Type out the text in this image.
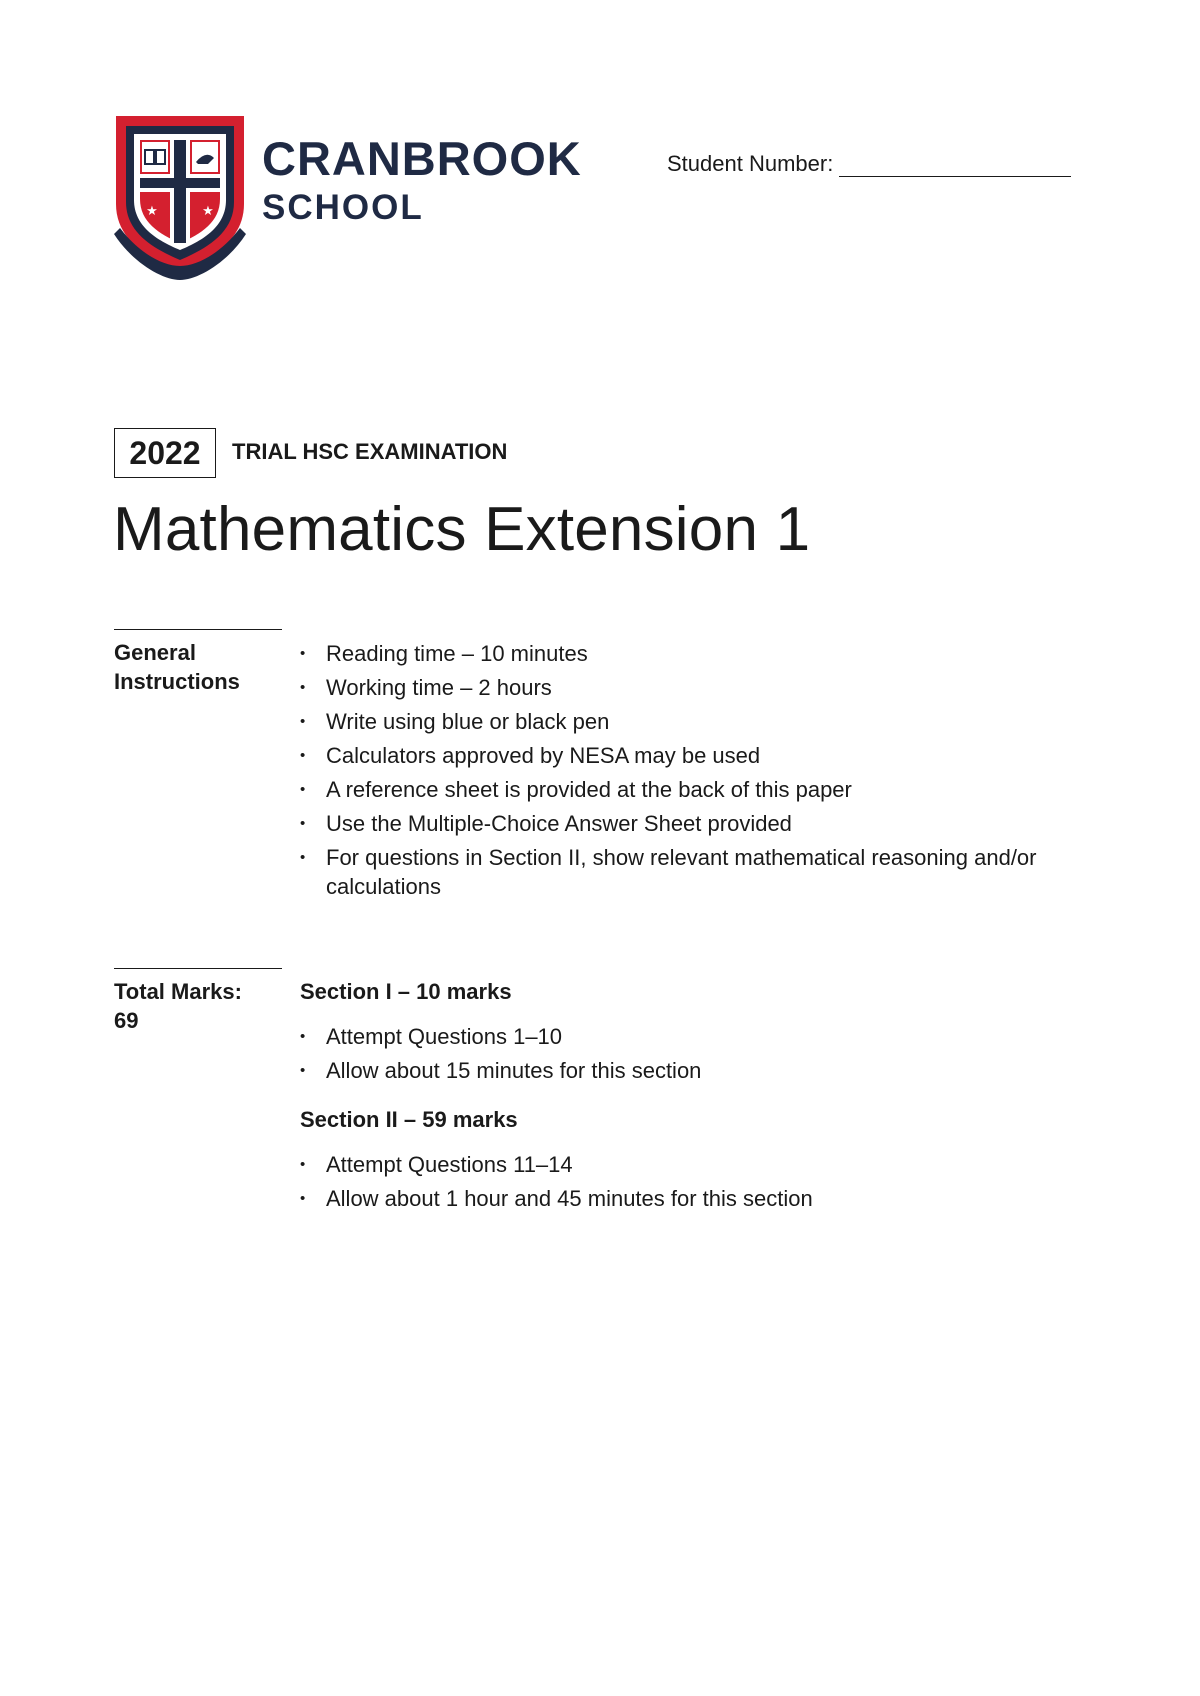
★	★
CRANBROOK
SCHOOL
Student Number:
2022 TRIAL HSC EXAMINATION
Mathematics Extension 1
General
Instructions
• Reading time – 10 minutes
• Working time – 2 hours
• Write using blue or black pen
• Calculators approved by NESA may be used
• A reference sheet is provided at the back of this paper
• Use the Multiple-Choice Answer Sheet provided
• For questions in Section II, show relevant mathematical reasoning and/or calculations
Total Marks:
69
Section I – 10 marks
• Attempt Questions 1–10
• Allow about 15 minutes for this section
Section II – 59 marks
• Attempt Questions 11–14
• Allow about 1 hour and 45 minutes for this section
